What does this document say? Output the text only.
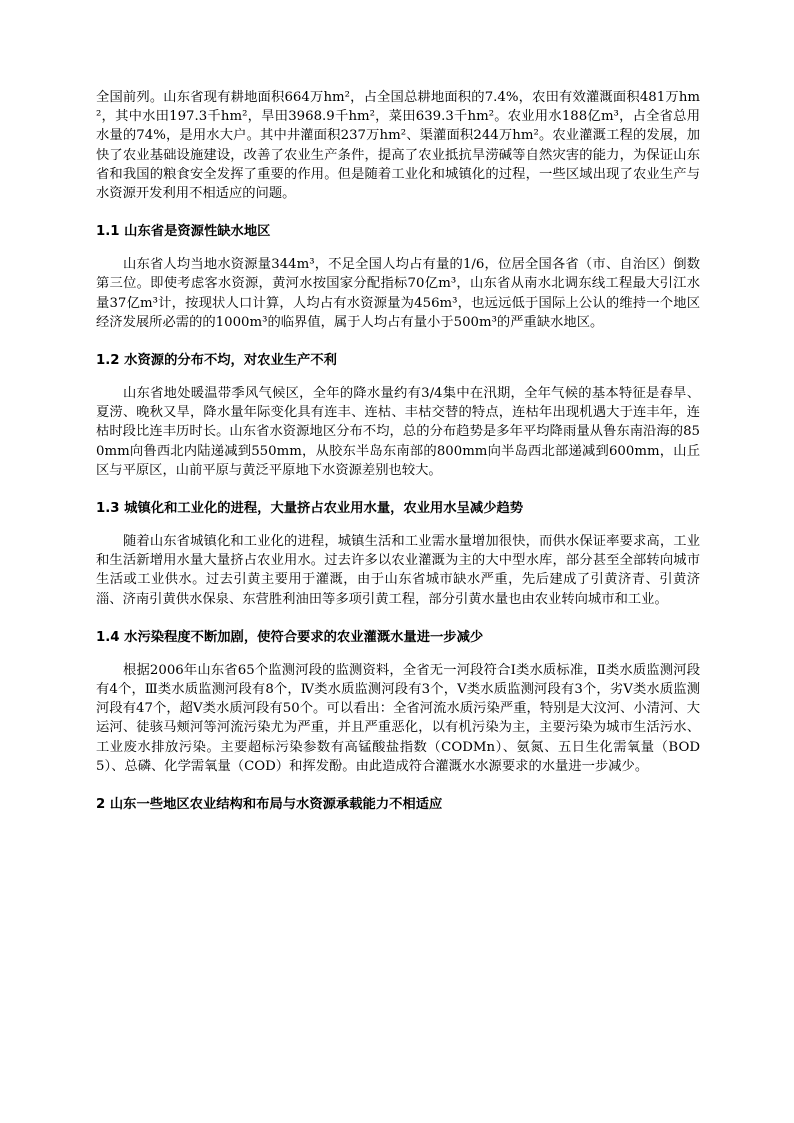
全国前列。山东省现有耕地面积664万hm²，占全国总耕地面积的7.4%，农田有效灌溉面积481万hm²，其中水田197.3千hm²，旱田3968.9千hm²，菜田639.3千hm²。农业用水188亿m³，占全省总用水量的74%，是用水大户。其中井灌面积237万hm²、渠灌面积244万hm²。农业灌溉工程的发展，加快了农业基础设施建设，改善了农业生产条件，提高了农业抵抗旱涝碱等自然灾害的能力，为保证山东省和我国的粮食安全发挥了重要的作用。但是随着工业化和城镇化的过程，一些区域出现了农业生产与水资源开发利用不相适应的问题。

1.1 山东省是资源性缺水地区

山东省人均当地水资源量344m³，不足全国人均占有量的1/6，位居全国各省（市、自治区）倒数第三位。即使考虑客水资源，黄河水按国家分配指标70亿m³，山东省从南水北调东线工程最大引江水量37亿m³计，按现状人口计算，人均占有水资源量为456m³，也远远低于国际上公认的维持一个地区经济发展所必需的的1000m³的临界值，属于人均占有量小于500m³的严重缺水地区。

1.2 水资源的分布不均，对农业生产不利

山东省地处暖温带季风气候区，全年的降水量约有3/4集中在汛期，全年气候的基本特征是春旱、夏涝、晚秋又旱，降水量年际变化具有连丰、连枯、丰枯交替的特点，连枯年出现机遇大于连丰年，连枯时段比连丰历时长。山东省水资源地区分布不均，总的分布趋势是多年平均降雨量从鲁东南沿海的850mm向鲁西北内陆递减到550mm，从胶东半岛东南部的800mm向半岛西北部递减到600mm，山丘区与平原区，山前平原与黄泛平原地下水资源差别也较大。

1.3 城镇化和工业化的进程，大量挤占农业用水量，农业用水呈减少趋势

随着山东省城镇化和工业化的进程，城镇生活和工业需水量增加很快，而供水保证率要求高，工业和生活新增用水量大量挤占农业用水。过去许多以农业灌溉为主的大中型水库，部分甚至全部转向城市生活或工业供水。过去引黄主要用于灌溉，由于山东省城市缺水严重，先后建成了引黄济青、引黄济淄、济南引黄供水保泉、东营胜利油田等多项引黄工程，部分引黄水量也由农业转向城市和工业。

1.4 水污染程度不断加剧，使符合要求的农业灌溉水量进一步减少

根据2006年山东省65个监测河段的监测资料，全省无一河段符合Ⅰ类水质标准，Ⅱ类水质监测河段有4个，Ⅲ类水质监测河段有8个，Ⅳ类水质监测河段有3个，Ⅴ类水质监测河段有3个，劣Ⅴ类水质监测河段有47个，超Ⅴ类水质河段有50个。可以看出：全省河流水质污染严重，特别是大汶河、小清河、大运河、徒骇马颊河等河流污染尤为严重，并且严重恶化，以有机污染为主，主要污染为城市生活污水、工业废水排放污染。主要超标污染参数有高锰酸盐指数（CODMn）、氨氮、五日生化需氧量（BOD5）、总磷、化学需氧量（COD）和挥发酚。由此造成符合灌溉水水源要求的水量进一步减少。

2 山东一些地区农业结构和布局与水资源承载能力不相适应
